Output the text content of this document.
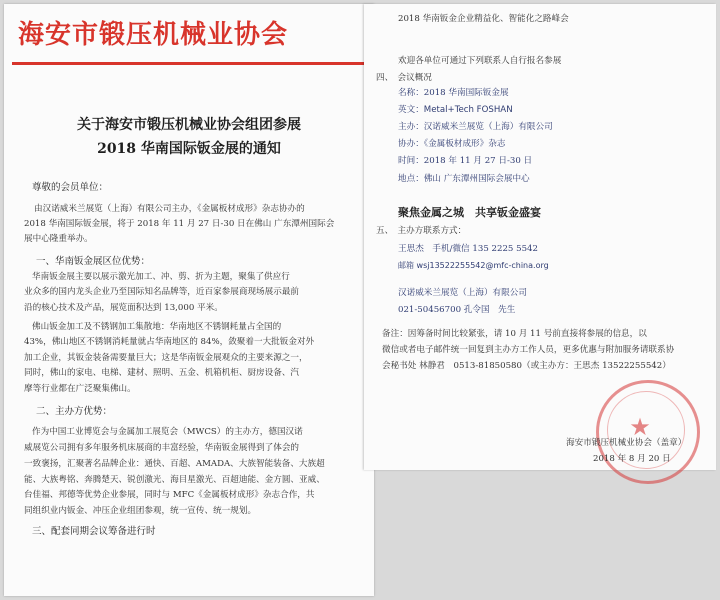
海安市锻压机械业协会
关于海安市锻压机械业协会组团参展
2018 华南国际钣金展的通知
尊敬的会员单位：
由汉诺威米兰展览（上海）有限公司主办，《金属板材成形》杂志协办的
2018 华南国际钣金展，将于 2018 年 11 月 27 日-30 日在佛山 广东潭州国际会
展中心隆重举办。
一、华南钣金展区位优势：
华南钣金展主要以展示激光加工、冲、剪、折为主题，聚集了供应行
业众多的国内龙头企业乃至国际知名品牌等，近百家参展商现场展示最前
沿的核心技术及产品，展览面积达到 13,000 平米。
佛山钣金加工及不锈钢加工集散地：华南地区不锈钢耗量占全国的
43%，佛山地区不锈钢消耗量就占华南地区的 84%，敛聚着一大批钣金对外
加工企业，其钣金装备需要量巨大；这是华南钣金展观众的主要来源之一，
同时，佛山的家电、电梯、建材、照明、五金、机箱机柜、厨房设备、汽
摩等行业都在广泛聚集佛山。
二、主办方优势：
作为中国工业博览会与金属加工展览会（MWCS）的主办方，德国汉诺
威展览公司拥有多年服务机床展商的丰富经验，华南钣金展得到了体会的
一致褒扬，汇聚著名品牌企业：通快、百超、AMADA、大族智能装备、大族超
能、大族粤铭、奔腾楚天、锐创激光、海目星激光、百超迪能、金方圆、亚威、
台佳福、邦德等优势企业参展，同时与 MFC《金属板材成形》杂志合作，共
同组织业内钣金、冲压企业组团参观，统一宣传、统一规划。
三、配套同期会议筹备进行时
2018 华南钣金企业精益化、智能化之路峰会
欢迎各单位可通过下列联系人自行报名参展
四、　会议概况
名称：2018 华南国际钣金展
英文：Metal+Tech FOSHAN
主办：汉诺威米兰展览（上海）有限公司
协办：《金属板材成形》杂志
时间：2018 年 11 月 27 日-30 日
地点：佛山 广东潭州国际会展中心
聚焦金属之城　共享钣金盛宴
五、　主办方联系方式：
王思杰　手机/微信 135 2225 5542
邮箱 wsj13522255542@mfc-china.org
汉诺威米兰展览（上海）有限公司
021-50456700 孔令国　先生
备注：因筹备时间比较紧张，请 10 月 11 号前直接将参展的信息，以
微信或者电子邮件统一回复到主办方工作人员，更多优惠与附加服务请联系协
会秘书处 林静君　0513-81850580（或主办方：王思杰 13522255542）
★
海安市锻压机械业协会（盖章）
2018 年 8 月 20 日
